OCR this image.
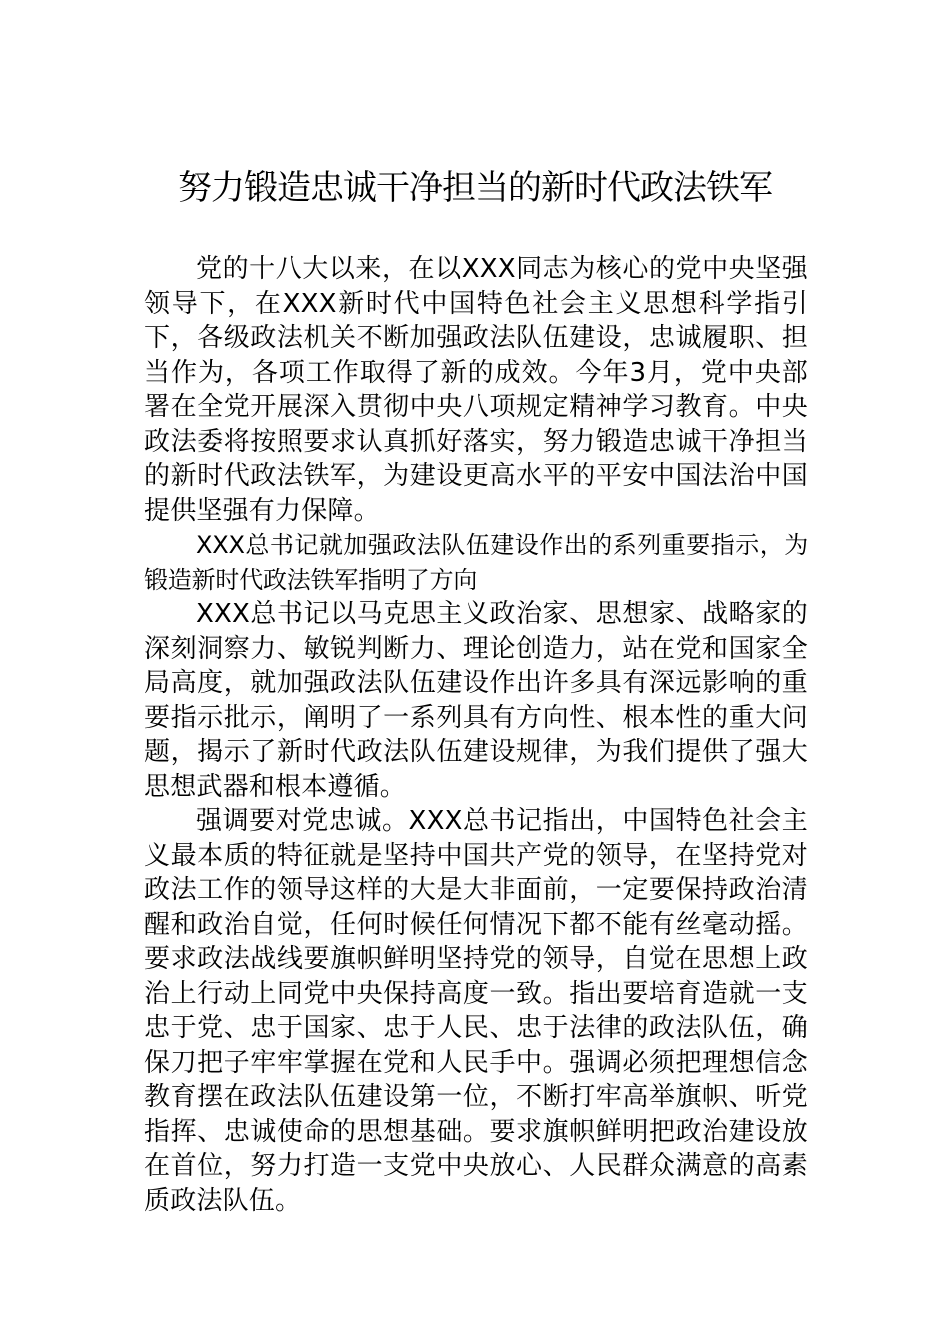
努力锻造忠诚干净担当的新时代政法铁军

党的十八大以来，在以XXX同志为核心的党中央坚强领导下，在XXX新时代中国特色社会主义思想科学指引下，各级政法机关不断加强政法队伍建设，忠诚履职、担当作为，各项工作取得了新的成效。今年3月，党中央部署在全党开展深入贯彻中央八项规定精神学习教育。中央政法委将按照要求认真抓好落实，努力锻造忠诚干净担当的新时代政法铁军，为建设更高水平的平安中国法治中国提供坚强有力保障。

XXX总书记就加强政法队伍建设作出的系列重要指示，为锻造新时代政法铁军指明了方向

XXX总书记以马克思主义政治家、思想家、战略家的深刻洞察力、敏锐判断力、理论创造力，站在党和国家全局高度，就加强政法队伍建设作出许多具有深远影响的重要指示批示，阐明了一系列具有方向性、根本性的重大问题，揭示了新时代政法队伍建设规律，为我们提供了强大思想武器和根本遵循。

强调要对党忠诚。XXX总书记指出，中国特色社会主义最本质的特征就是坚持中国共产党的领导，在坚持党对政法工作的领导这样的大是大非面前，一定要保持政治清醒和政治自觉，任何时候任何情况下都不能有丝毫动摇。要求政法战线要旗帜鲜明坚持党的领导，自觉在思想上政治上行动上同党中央保持高度一致。指出要培育造就一支忠于党、忠于国家、忠于人民、忠于法律的政法队伍，确保刀把子牢牢掌握在党和人民手中。强调必须把理想信念教育摆在政法队伍建设第一位，不断打牢高举旗帜、听党指挥、忠诚使命的思想基础。要求旗帜鲜明把政治建设放在首位，努力打造一支党中央放心、人民群众满意的高素质政法队伍。
